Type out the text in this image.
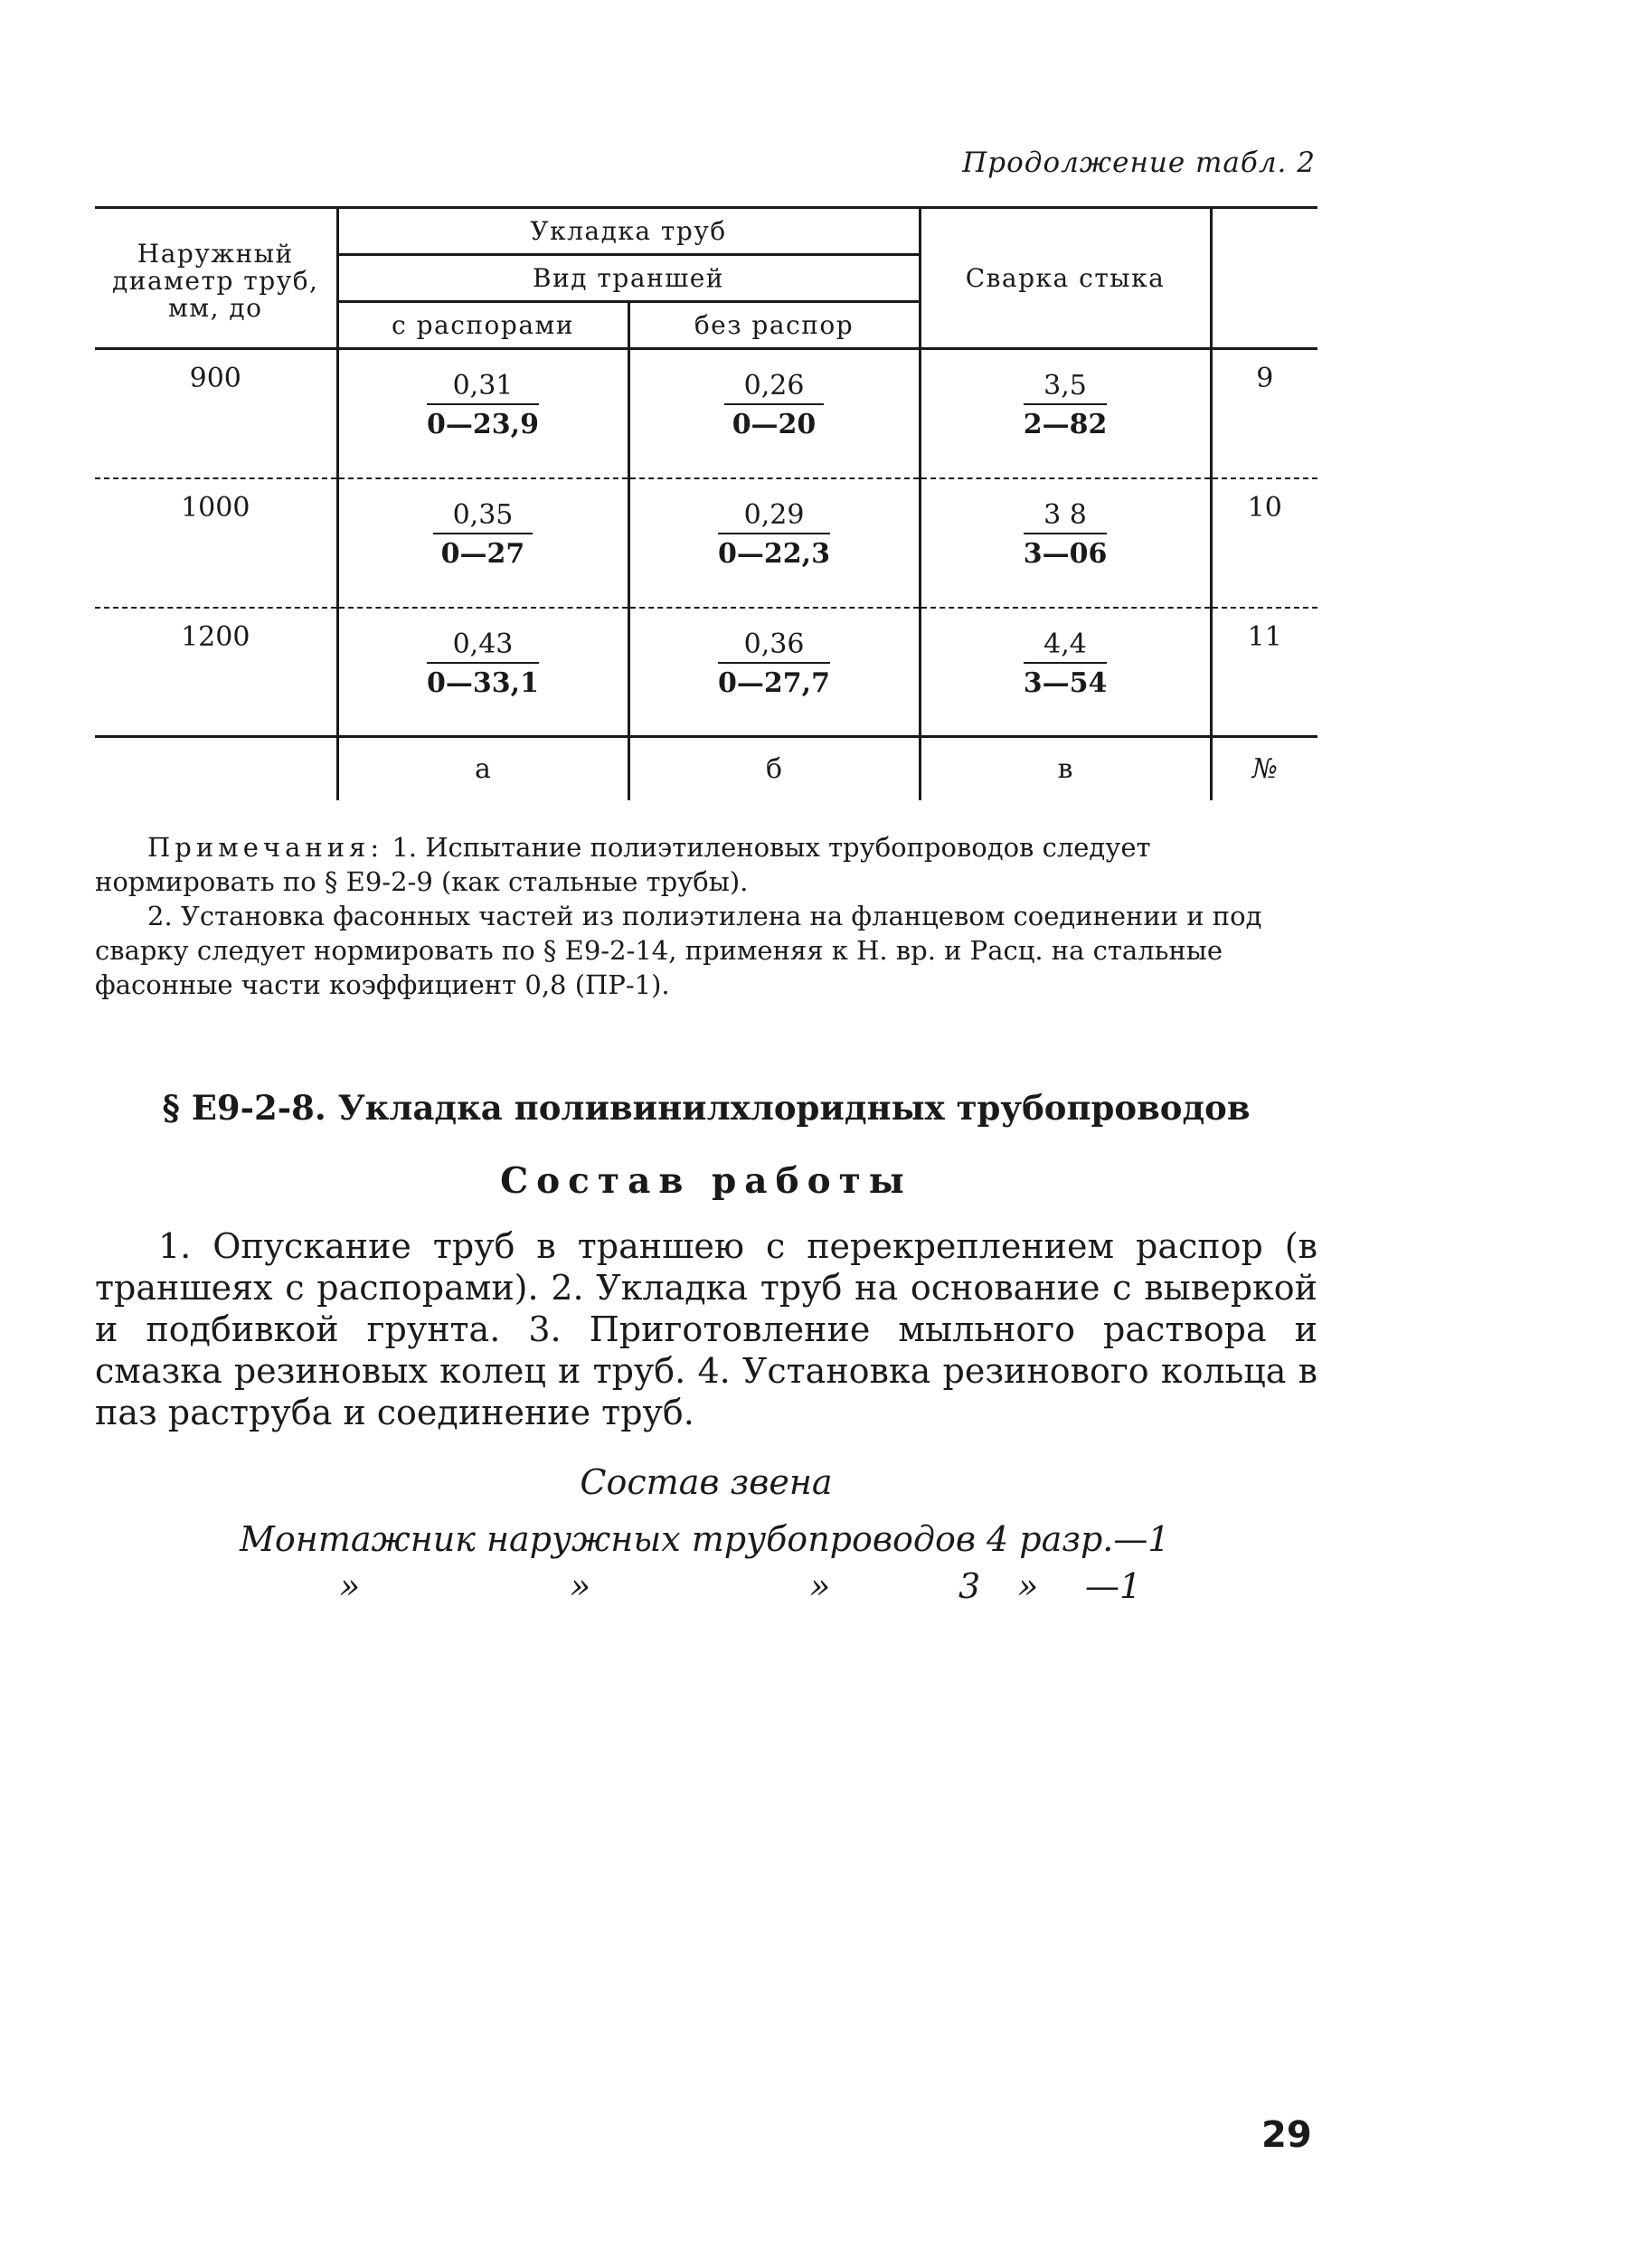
Продолжение табл. 2
Наружный диаметр труб, мм, до	Укладка труб		Сварка стыка	
	Вид траншей			
	с распорами	без распор		

900	$\frac{0,31}{0—23,9}$	$\frac{0,26}{0—20}$	$\frac{3,5}{2—82}$	9

1000	$\frac{0,35}{0—27}$	$\frac{0,29}{0—22,3}$	$\frac{3 8}{3—06}$	10

1200	$\frac{0,43}{0—33,1}$	$\frac{0,36}{0—27,7}$	$\frac{4,4}{3—54}$	11

	а	б	в	№

Примечания: 1. Испытание полиэтиленовых трубопроводов следует нормировать по § Е9-2-9 (как стальные трубы).

2. Установка фасонных частей из полиэтилена на фланцевом соединении и под сварку следует нормировать по § Е9-2-14, применяя к Н. вр. и Расц. на стальные фасонные части коэффициент 0,8 (ПР-1).

§ Е9-2-8. Укладка поливинилхлоридных трубопроводов
Состав работы

1. Опускание труб в траншею с перекреплением распор (в траншеях с распорами). 2. Укладка труб на основание с выверкой и подбивкой грунта. 3. Приготовление мыльного раствора и смазка резиновых колец и труб. 4. Установка резинового кольца в паз раструба и соединение труб.

Состав звена
Монтажник наружных трубопроводов 4 разр.—1
»	»	»	3 » —1
29
